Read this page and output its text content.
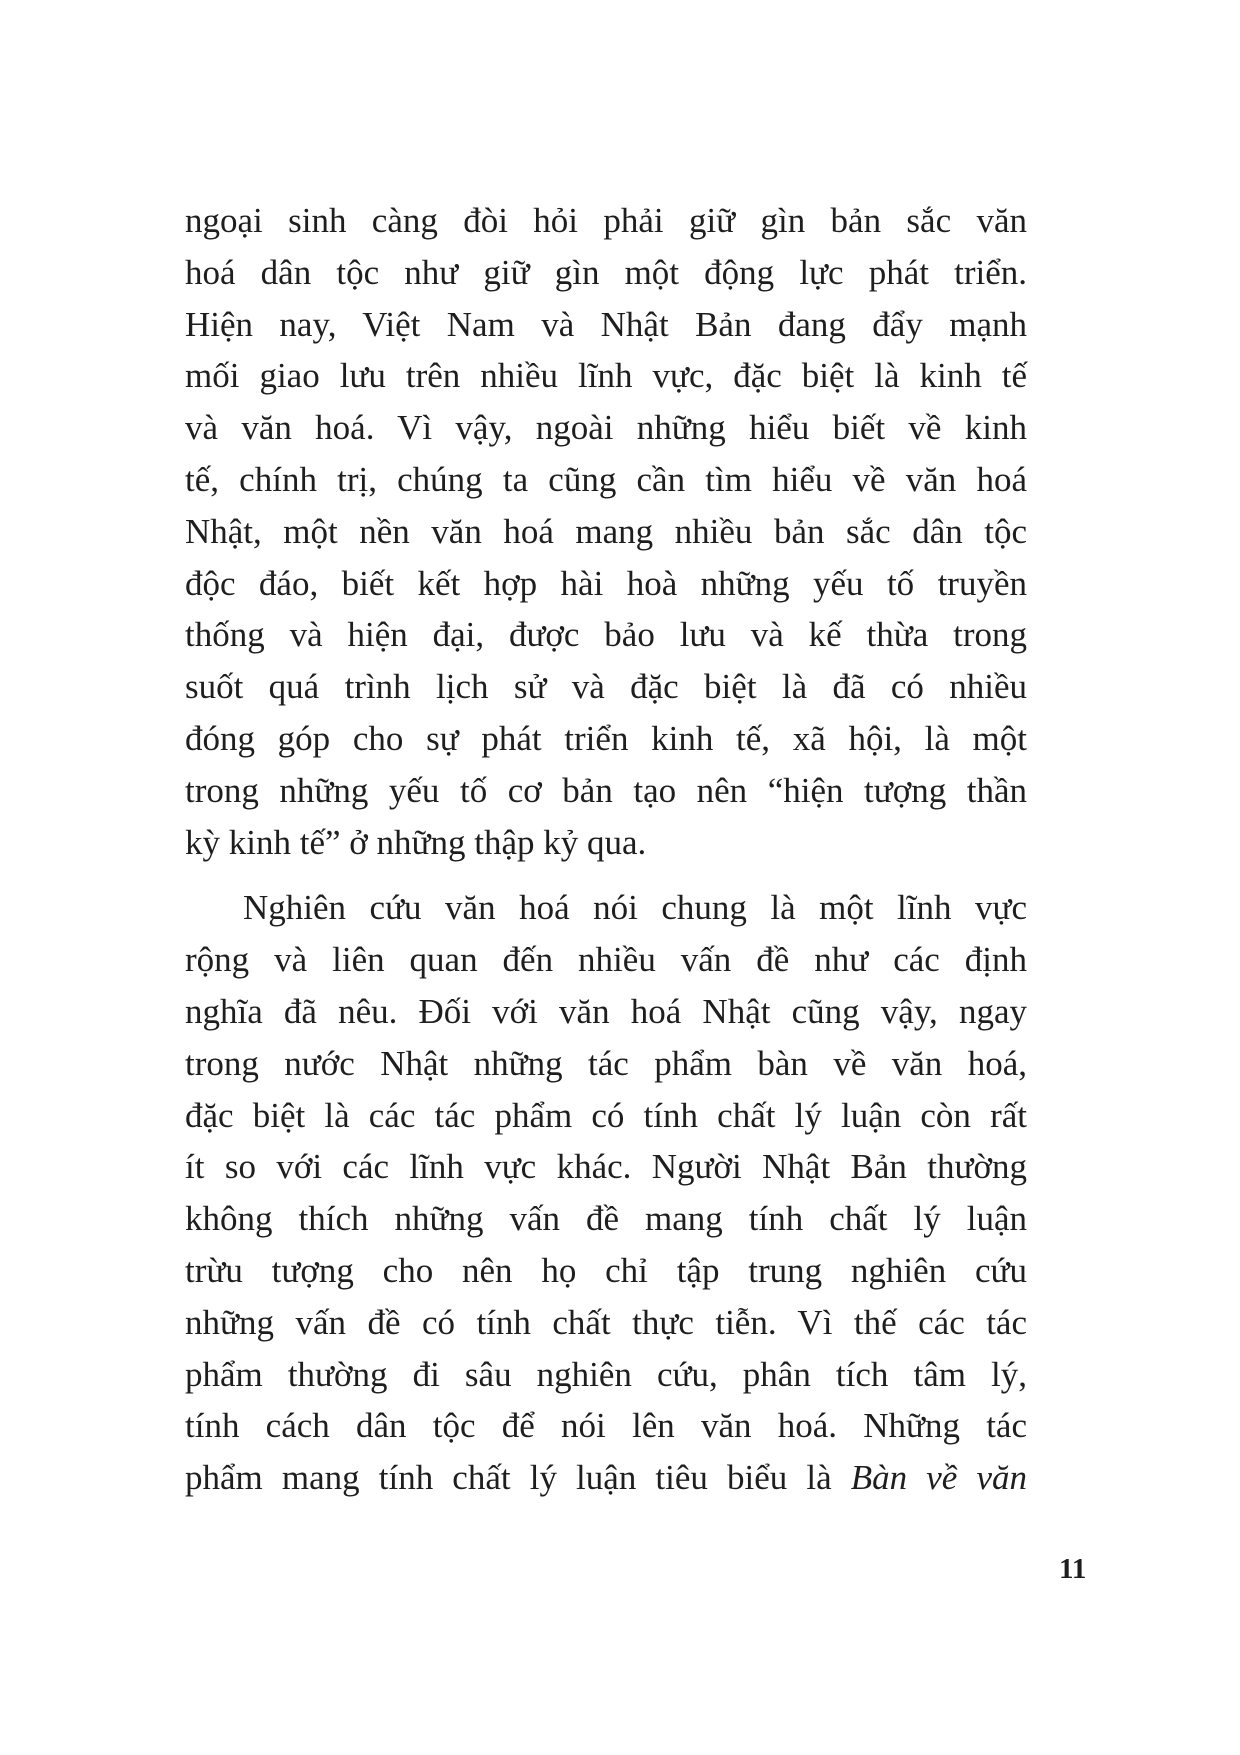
ngoại sinh càng đòi hỏi phải giữ gìn bản sắc văn
hoá dân tộc như giữ gìn một động lực phát triển.
Hiện nay, Việt Nam và Nhật Bản đang đẩy mạnh
mối giao lưu trên nhiều lĩnh vực, đặc biệt là kinh tế
và văn hoá. Vì vậy, ngoài những hiểu biết về kinh
tế, chính trị, chúng ta cũng cần tìm hiểu về văn hoá
Nhật, một nền văn hoá mang nhiều bản sắc dân tộc
độc đáo, biết kết hợp hài hoà những yếu tố truyền
thống và hiện đại, được bảo lưu và kế thừa trong
suốt quá trình lịch sử và đặc biệt là đã có nhiều
đóng góp cho sự phát triển kinh tế, xã hội, là một
trong những yếu tố cơ bản tạo nên “hiện tượng thần
kỳ kinh tế” ở những thập kỷ qua.
Nghiên cứu văn hoá nói chung là một lĩnh vực
rộng và liên quan đến nhiều vấn đề như các định
nghĩa đã nêu. Đối với văn hoá Nhật cũng vậy, ngay
trong nước Nhật những tác phẩm bàn về văn hoá,
đặc biệt là các tác phẩm có tính chất lý luận còn rất
ít so với các lĩnh vực khác. Người Nhật Bản thường
không thích những vấn đề mang tính chất lý luận
trừu tượng cho nên họ chỉ tập trung nghiên cứu
những vấn đề có tính chất thực tiễn. Vì thế các tác
phẩm thường đi sâu nghiên cứu, phân tích tâm lý,
tính cách dân tộc để nói lên văn hoá. Những tác
phẩm mang tính chất lý luận tiêu biểu là Bàn về văn
11
